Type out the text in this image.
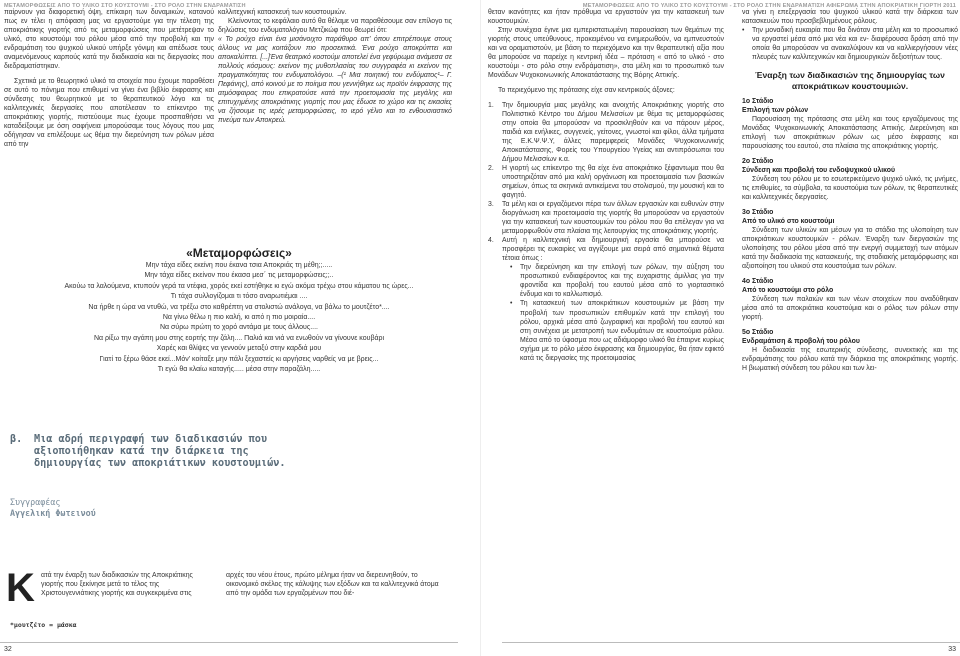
ΜΕΤΑΜΟΡΦΩΣΕΙΣ ΑΠΟ ΤΟ ΥΛΙΚΟ ΣΤΟ ΚΟΥΣΤΟΥΜΙ - ΣΤΟ ΡΟΛΟ ΣΤΗΝ ΕΝΔΡΑΜΑΤΙΣΗ	ΜΕΤΑΜΟΡΦΩΣΕΙΣ ΑΠΟ ΤΟ ΥΛΙΚΟ ΣΤΟ ΚΟΥΣΤΟΥΜΙ - ΣΤΟ ΡΟΛΟ ΣΤΗΝ ΕΝΔΡΑΜΑΤΙΣΗ ΑΦΙΕΡΩΜΑ ΣΤΗΝ ΑΠΟΚΡΙΑΤΙΚΗ ΓΙΟΡΤΗ 2011

παίρνουν για διαφορετική όψη, επίκαιρη των δυναμικών, κατανού πως εν τέλει η απόφαση μας να εργαστούμε για την τέλεση της αποκριάτικης γιορτής από τις μεταμορφώσεις που μετέτρεψαν το υλικό, στο κουστούμι του ρόλου μέσα από την προβολή και την ενδραμάτιση του ψυχικού υλικού υπήρξε γόνιμη και απέδωσε τους αναμενόμενους καρπούς κατά την διαδικασία και τις διεργασίες που διεδραματίστηκαν.

Σχετικά με το θεωρητικό υλικό τα στοιχεία που έχουμε παραθέσει σε αυτό το πόνημα που επιθυμεί να γίνει ένα βιβλίο έκφρασης και σύνδεσης του θεωρητικού με το θεραπευτικού λόγο και τις καλλιτεχνικές διεργασίες που αποτέλεσαν το επίκεντρο της αποκριάτικης γιορτής, πιστεύουμε πως έχουμε προσπαθήσει να καταδείξουμε με όση σαφήνεια μπορούσαμε τους λόγους που μας οδήγησαν να επιλέξουμε ως θέμα την διερεύνηση των ρόλων μέσα από την

καλλιτεχνική κατασκευή των κουστουμιών.

Κλείνοντας το κεφάλαιο αυτό θα θέλαμε να παραθέσουμε σαν επίλογο τις δηλώσεις του ενδυματολόγου Μετζικώφ που θεωρεί ότι:

« Το ρούχο είναι ένα μισάνοιχτο παράθυρο απ' όπου επιτρέπουμε στους άλλους να μας κοιτάζουν πιο προσεκτικά. Ένα ρούχο αποκρύπτει και αποκαλύπτει. [...]Ένα θεατρικό κοστούμι αποτελεί ένα γεφύρωμα ανάμεσα σε πολλούς κόσμους: εκείνον της μυθοπλασίας του συγγραφέα κι εκείνον της πραγματικότητας του ενδυματολόγου. –(¹ Μια ποιητική του ενδύματος¹– Γ. Πεφάνης), από κοινού με το ποίημα που γεννήθηκε ως προϊόν έκφρασης της ατμόσφαιρας που επικρατούσε κατά την προετοιμασία της μεγάλης και επιτυχημένης αποκριάτικης γιορτής που μας έδωσε το χώρο και τις εικασίες να ζήσουμε τις ιερές μεταμορφώσεις, το ιερό γέλιο και το ενθουσιαστικό πνεύμα των Αποκρεώ.

«Μεταμορφώσεις»
Μην τάχα είδες εκείνη που έκανα τσια Αποκριάς τη μέθη;;.....
Μην τάχα είδες εκείνον που έκασα μεσ΄ τις μεταμορφώσεις;;..
Ακούω τα λαλούμενα, κτυπούν γερά τα ντέφια, χορός εκεί εστήθηκε κι εγώ ακόμα τρέχω στου κάματου τις ώρες...
Τι τάχα συλλογίζομαι τι τόσο αναρωτιέμαι ....
Να ήρθε η ώρα να ντυθώ, να τρέξω στο καθρέπτη να στολιστώ ανάλογα, να βάλω το μουτζέτο*....
Να γίνω θέλω η πιο καλή, κι από η πιο μοιραία....
Να σύρω πρώτη το χορό αντάμα με τους άλλους....
Να ρίξω την αγάπη μου στης εορτής την ζάλη.... Παλιά και νιά να ενωθούν να γίνουνε κουβάρι
Χαρές και θλίψες να γεννούν μεταξύ στην καρδιά μου
Γιατί το ξέρω θάσε εκεί...Μόν' κοίταξε μην πάλι ξεχαστείς κι αργήσεις ναρθείς να με βρεις...
Τι εγώ θα κλαίω καταγής..... μέσα στην παραζάλη.....
β. Μια αδρή περιγραφή των διαδικασιών που αξιοποιήθηκαν κατά την διάρκεια της δημιουργίας των αποκριάτικων κουστουμιών.
Συγγραφέας
Αγγελική Φωτεινού
Κ ατά την έναρξη των διαδικασιών της Αποκριάτικης γιορτής που ξεκίνησε μετά το τέλος της Χριστουγεννιάτικης γιορτής και συγκεκριμένα στις
αρχές του νέου έτους, πρώτο μέλημα ήταν να διερευνηθούν, το οικονομικό σκέλος της κάλυψης των εξόδων και τα καλλιτεχνικά άτομα από την ομάδα των εργαζομένων που διέ-
*μουτζέτο = μάσκα

θεταν ικανότητες και ήταν πρόθυμα να εργαστούν για την κατασκευή των κουστουμιών.

Στην συνέχεια έγινε μια εμπεριστατωμένη παρουσίαση των θεμάτων της γιορτής στους υπεύθυνους, προκειμένου να ενημερωθούν, να εμπνευστούν και να οραματιστούν, με βάση το περιεχόμενο και την θεραπευτική αξία που θα μπορούσε να παρείχε η κεντρική ιδέα – πρόταση « από το υλικό - στο κουστούμι - στο ρόλο στην ενδράματιση», στα μέλη και το προσωπικό των Μονάδων Ψυχοκοινωνικής Αποκατάστασης της Βόρης Αττικής.

Το περιεχόμενο της πρότασης είχε σαν κεντρικούς άξονες:

1. Την δημιουργία μιας μεγάλης και ανοιχτής Αποκριάτικης γιορτής στο Πολιτιστικό Κέντρο του Δήμου Μελισσίων με θέμα τις μεταμορφώσεις στην οποία θα μπορούσαν να προσκληθούν και να πάρουν μέρος, παιδιά και ενήλικες, συγγενείς, γείτονες, γνωστοί και φίλοι, άλλα τμήματα της Ε.Κ.Ψ.Ψ.Υ, άλλες παρεμφερείς Μονάδες Ψυχοκοινωνικής Αποκατάστασης, Φορείς του Υπουργείου Υγείας και αντιπρόσωποι του Δήμου Μελισσίων κ.α.
2. Η γιορτή ως επίκεντρο της θα είχε ένα αποκριάτικο ξέφαντωμα που θα υποστηριζόταν από μια καλή οργάνωση και προετοιμασία των βασικών σημείων, όπως τα σκηνικά αντικείμενα του στολισμού, την μουσική και το φαγητό.
3. Τα μέλη και οι εργαζόμενοι πέρα των άλλων εργασιών και ευθυνών στην διοργάνωση και προετοιμασία της γιορτής θα μπορούσαν να εργαστούν για την κατασκευή των κουστουμιών του ρόλου που θα επέλεγαν για να μεταμορφωθούν στα πλαίσια της λειτουργίας της αποκριάτικης γιορτής.
4. Αυτή η καλλιτεχνική και δημιουργική εργασία θα μπορούσε να προσφέρει τις ευκαιρίες να αγγίξουμε μια σειρά από σημαντικά θέματα τέτοια όπως :
• Την διερεύνηση και την επιλογή των ρόλων, την αύξηση του προσωπικού ενδιαφέροντος και της ευχαριστης άμιλλας για την φροντίδα και προβολή του εαυτού μέσα από το γιορτασιτικό ένδυμα και το καλλωπισμό.
• Τη κατασκευή των αποκριάτικων κουστουμιών με βάση την προβολή των προσωπικών επιθυμιών κατά την επιλογή του ρόλου, αρχικά μέσα από ζωγραφική και προβολή του εαυτού και στη συνέχεια με μετατροπή των ενδυμάτων σε κουστούμια ρόλου. Μέσα από το ύφασμα που ως αδιάμορφο υλικό θα έπαιρνε κυρίως σχήμα με το ρόλο μέσο έκφρασης και δημιουργίας, θα ήταν εφικτό κατά τις διεργασίες της προετοιμασίας

να γίνει η επεξεργασία του ψυχικού υλικού κατά την διάρκεια των κατασκευών που προσβεβλημένους ρόλους.

• Την μοναδική ευκαιρία που θα δινόταν στα μέλη και το προσωπικό να εργαστεί μέσα από μια νέα και εν- διαφέρουσα δράση από την οποία θα μπορούσαν να ανακαλύψουν και να καλλιεργήσουν νέες πλευρές των καλλιτεχνικών και δημιουργικών δεξιοτήτων τους.
Έναρξη των διαδικασιών της δημιουργίας των αποκριάτικων κουστουμιών.
1ο Στάδιο
Επιλογή των ρόλων

Παρουσίαση της πρότασης στα μέλη και τους εργαζόμενους της Μονάδας Ψυχοκοινωνικής Αποκατάστασης Αττικής. Διερεύνηση και επιλογή των αποκριάτικων ρόλων ως μέσο έκφρασης και παρουσίασης του εαυτού, στα πλαίσια της αποκριάτικης γιορτής.

2ο Στάδιο
Σύνδεση και προβολή του ενδοψυχικού υλικού

Σύνδεση του ρόλου με το εσωτερικεύμενο ψυχικό υλικό, τις μνήμες, τις επιθυμίες, τα σύμβολα, τα κουστούμια των ρόλων, τις θεραπευτικές και καλλιτεχνικές διεργασίες.

3ο Στάδιο
Από το υλικό στο κουστούμι

Σύνδεση των υλικών και μέσων για το στάδιο της υλοποίηση των αποκριάτικων κουστουμιών - ρόλων. Έναρξη των διεργασιών της υλοποίησης του ρόλου μέσα από την ενεργή συμμετοχή των ατόμων κατά την διαδικασία της κατασκευής, της σταδιακής μεταμόρφωσης και αξιοποίηση του υλικού στα κουστούμια των ρόλων.

4ο Στάδιο
Από το κουστούμι στο ρόλο

Σύνδεση των παλαιών και των νέων στοιχείων που αναδύθηκαν μέσα από τα αποκριάτικα κουστούμια και ο ρόλος των ρόλων στην γιορτή.

5ο Στάδιο
Ενδραμάτιση & προβολή του ρόλου

Η διαδικασία της εσωτερικής σύνδεσης, συνεκτικής και της ενδραμάτισης του ρόλου κατά την διάρκεια της αποκριάτικης γιορτής. Η βιωματική σύνδεση του ρόλου και των λει-

32	33
